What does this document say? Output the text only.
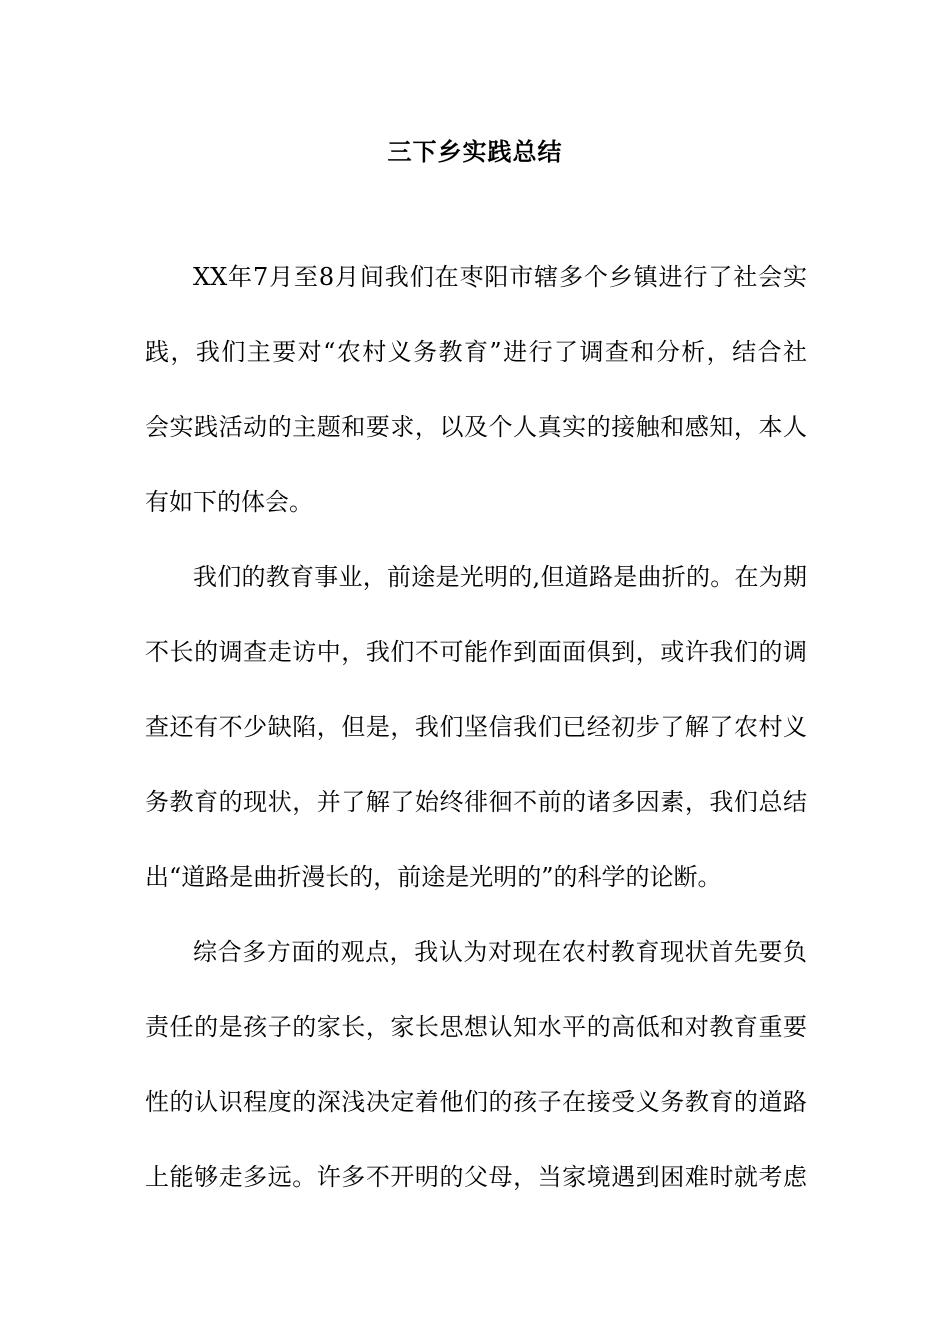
三下乡实践总结
XX年7月至8月间我们在枣阳市辖多个乡镇进行了社会实
践，我们主要对“农村义务教育”进行了调查和分析，结合社
会实践活动的主题和要求，以及个人真实的接触和感知，本人
有如下的体会。
我们的教育事业，前途是光明的,但道路是曲折的。在为期
不长的调查走访中，我们不可能作到面面俱到，或许我们的调
查还有不少缺陷，但是，我们坚信我们已经初步了解了农村义
务教育的现状，并了解了始终徘徊不前的诸多因素，我们总结
出“道路是曲折漫长的，前途是光明的”的科学的论断。
综合多方面的观点，我认为对现在农村教育现状首先要负
责任的是孩子的家长，家长思想认知水平的高低和对教育重要
性的认识程度的深浅决定着他们的孩子在接受义务教育的道路
上能够走多远。许多不开明的父母，当家境遇到困难时就考虑
